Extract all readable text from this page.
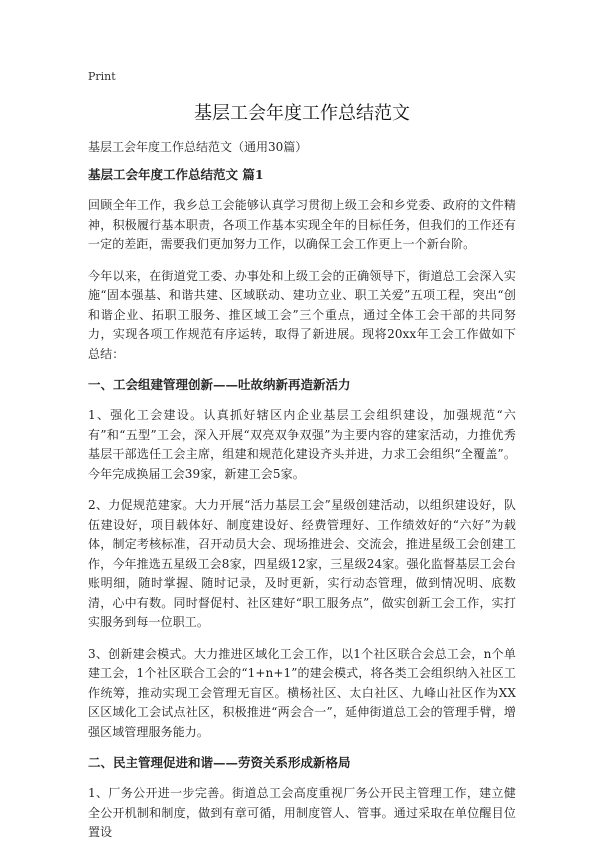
Print
基层工会年度工作总结范文
基层工会年度工作总结范文（通用30篇）
基层工会年度工作总结范文 篇1

回顾全年工作，我乡总工会能够认真学习贯彻上级工会和乡党委、政府的文件精神，积极履行基本职责，各项工作基本实现全年的目标任务，但我们的工作还有一定的差距，需要我们更加努力工作，以确保工会工作更上一个新台阶。

今年以来，在街道党工委、办事处和上级工会的正确领导下，街道总工会深入实施“固本强基、和谐共建、区域联动、建功立业、职工关爱”五项工程，突出“创和谐企业、拓职工服务、推区域工会”三个重点，通过全体工会干部的共同努力，实现各项工作规范有序运转，取得了新进展。现将20xx年工会工作做如下总结：

一、工会组建管理创新——吐故纳新再造新活力

1、强化工会建设。认真抓好辖区内企业基层工会组织建设，加强规范“六有”和“五型”工会，深入开展“双亮双争双强”为主要内容的建家活动，力推优秀基层干部选任工会主席，组建和规范化建设齐头并进，力求工会组织“全覆盖”。今年完成换届工会39家，新建工会5家。

2、力促规范建家。大力开展“活力基层工会”星级创建活动，以组织建设好，队伍建设好，项目载体好、制度建设好、经费管理好、工作绩效好的“六好”为载体，制定考核标准，召开动员大会、现场推进会、交流会，推进星级工会创建工作，今年推选五星级工会8家，四星级12家，三星级24家。强化监督基层工会台账明细，随时掌握、随时记录，及时更新，实行动态管理，做到情况明、底数清，心中有数。同时督促村、社区建好“职工服务点”，做实创新工会工作，实打实服务到每一位职工。

3、创新建会模式。大力推进区域化工会工作，以1个社区联合会总工会，n个单建工会，1个社区联合工会的“1+n+1”的建会模式，将各类工会组织纳入社区工作统筹，推动实现工会管理无盲区。横杨社区、太白社区、九峰山社区作为XX区区域化工会试点社区，积极推进“两会合一”，延伸街道总工会的管理手臂，增强区域管理服务能力。

二、民主管理促进和谐——劳资关系形成新格局

1、厂务公开进一步完善。街道总工会高度重视厂务公开民主管理工作，建立健全公开机制和制度，做到有章可循，用制度管人、管事。通过采取在单位醒目位置设
